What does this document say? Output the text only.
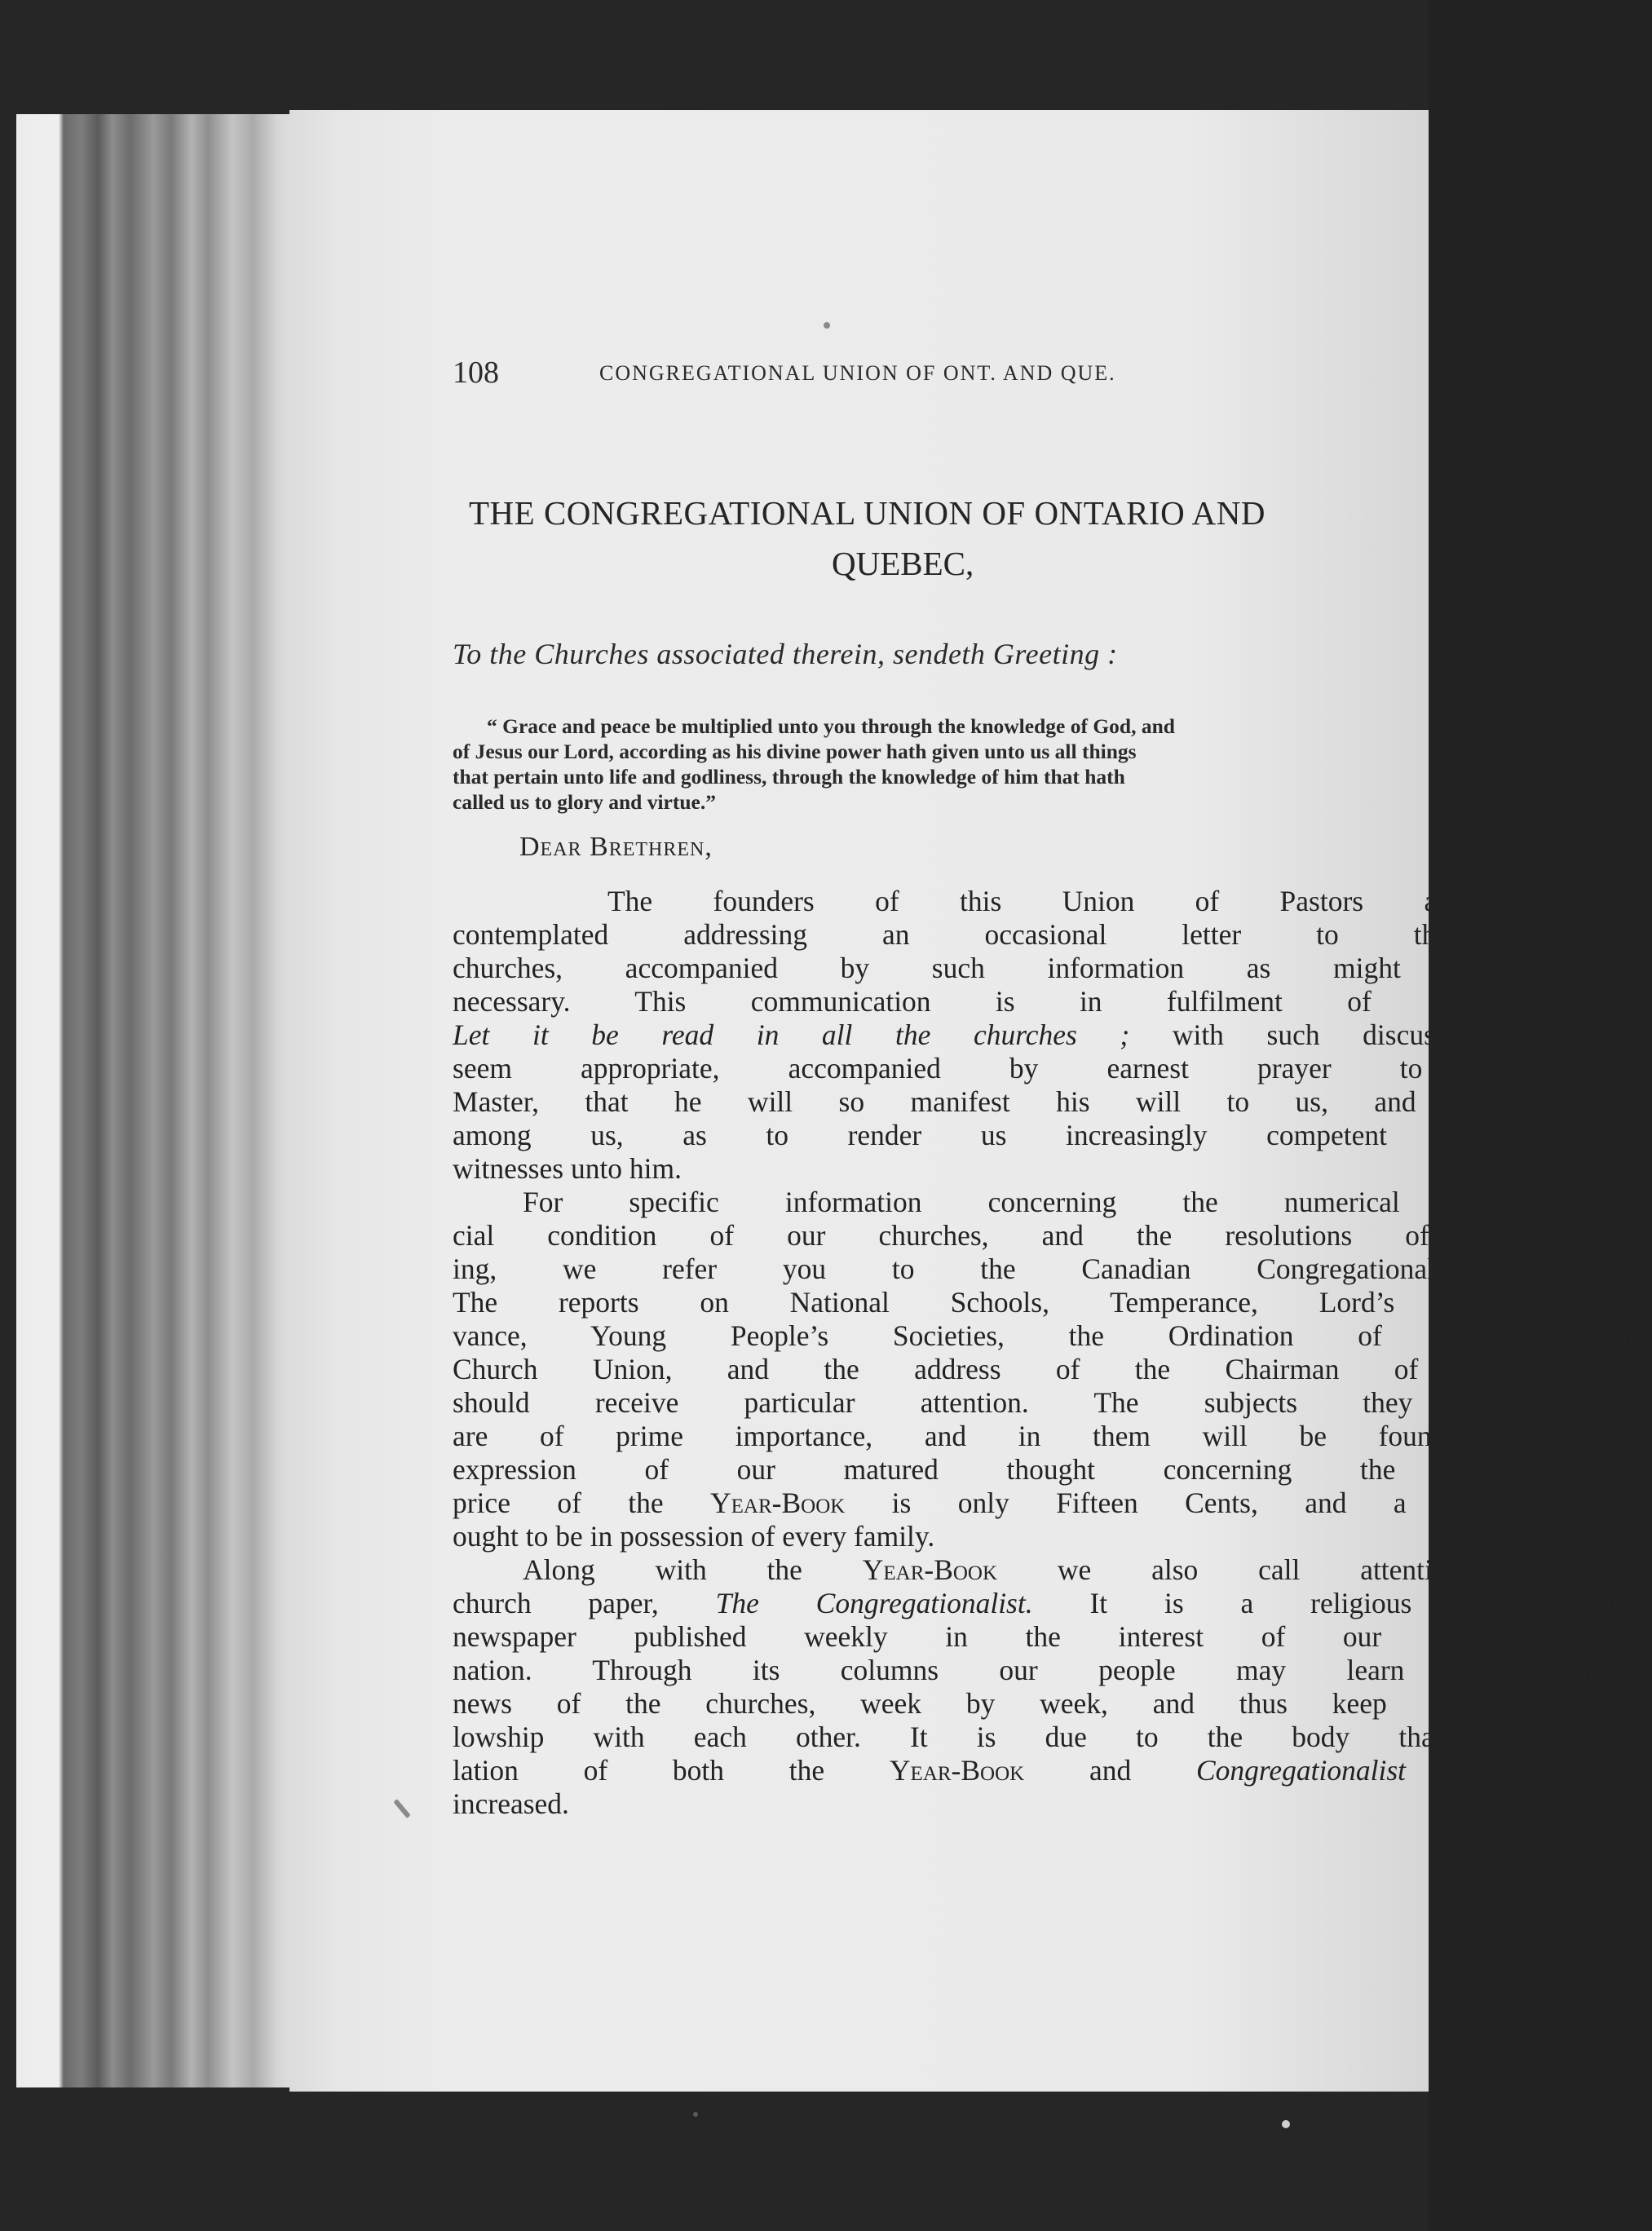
108	CONGREGATIONAL UNION OF ONT. AND QUE.
THE CONGREGATIONAL UNION OF ONTARIO AND
QUEBEC,
To the Churches associated therein, sendeth Greeting :
“ Grace and peace be multiplied unto you through the knowledge of God, and
of Jesus our Lord, according as his divine power hath given unto us all things
that pertain unto life and godliness, through the knowledge of him that hath
called us to glory and virtue.”
Dear Brethren,
The founders of this Union of Pastors and Churches,
contemplated addressing an occasional letter to the associated
churches, accompanied by such information as might be deemed
necessary. This communication is in fulfilment of that purpose.
Let it be read in all the churches ; with such discussion as may
seem appropriate, accompanied by earnest prayer to the One
Master, that he will so manifest his will to us, and his presence
among us, as to render us increasingly competent and efficient
witnesses unto him.
For specific information concerning the numerical and finan-
cial condition of our churches, and the resolutions of this meet-
ing, we refer you to the Canadian Congregational Year-Book.
The reports on National Schools, Temperance, Lord’s Day Obser-
vance, Young People’s Societies, the Ordination of Pastors, and
Church Union, and the address of the Chairman of the Union,
should receive particular attention. The subjects they deal with
are of prime importance, and in them will be found a careful
expression of our matured thought concerning the same. The
price of the Year-Book is only Fifteen Cents, and a copy of it
ought to be in possession of every family.
Along with the Year-Book we also call attention to our
church paper, The Congregationalist. It is a religious and family
newspaper published weekly in the interest of our own denomi-
nation. Through its columns our people may learn the current
news of the churches, week by week, and thus keep in close fel-
lowship with each other. It is due to the body that the circu-
lation of both the Year-Book and Congregationalist be largely
increased.
